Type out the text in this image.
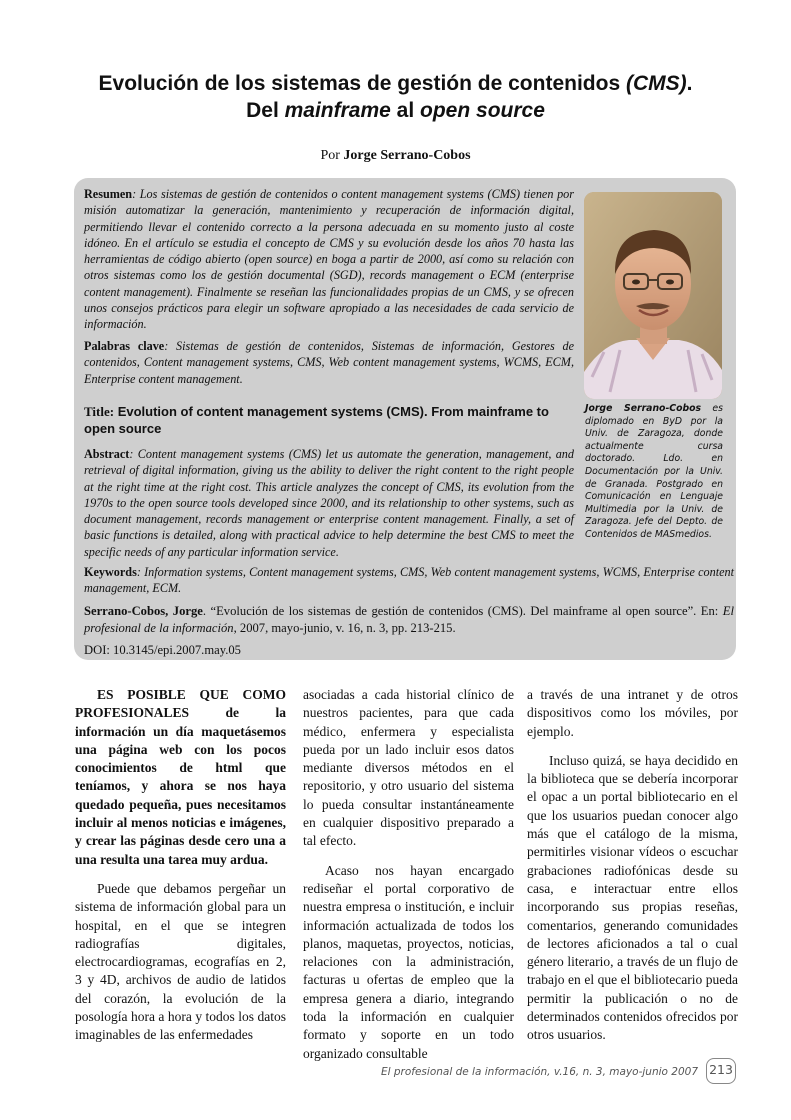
Evolución de los sistemas de gestión de contenidos (CMS).
Del mainframe al open source
Por Jorge Serrano-Cobos
Resumen: Los sistemas de gestión de contenidos o content management systems (CMS) tienen por misión automatizar la generación, mantenimiento y recuperación de información digital, permitiendo llevar el contenido correcto a la persona adecuada en su momento justo al coste idóneo. En el artículo se estudia el concepto de CMS y su evolución desde los años 70 hasta las herramientas de código abierto (open source) en boga a partir de 2000, así como su relación con otros sistemas como los de gestión documental (SGD), records management o ECM (enterprise content management). Finalmente se reseñan las funcionalidades propias de un CMS, y se ofrecen unos consejos prácticos para elegir un software apropiado a las necesidades de cada servicio de información.
Palabras clave: Sistemas de gestión de contenidos, Sistemas de información, Gestores de contenidos, Content management systems, CMS, Web content management systems, WCMS, ECM, Enterprise content management.
Title: Evolution of content management systems (CMS). From mainframe to open source
Abstract: Content management systems (CMS) let us automate the generation, management, and retrieval of digital information, giving us the ability to deliver the right content to the right people at the right time at the right cost. This article analyzes the concept of CMS, its evolution from the 1970s to the open source tools developed since 2000, and its relationship to other systems, such as document management, records management or enterprise content management. Finally, a set of basic functions is detailed, along with practical advice to help determine the best CMS to meet the specific needs of any particular information service.
Keywords: Information systems, Content management systems, CMS, Web content management systems, WCMS, Enterprise content management, ECM.
Serrano-Cobos, Jorge. “Evolución de los sistemas de gestión de contenidos (CMS). Del mainframe al open source”. En: El profesional de la información, 2007, mayo-junio, v. 16, n. 3, pp. 213-215.
DOI: 10.3145/epi.2007.may.05
Jorge Serrano-Cobos es diplomado en ByD por la Univ. de Zaragoza, donde actualmente cursa doctorado. Ldo. en Documentación por la Univ. de Granada. Postgrado en Comunicación en Lenguaje Multimedia por la Univ. de Zaragoza. Jefe del Depto. de Contenidos de MASmedios.

ES POSIBLE QUE COMO PROFESIONALES de la información un día maquetásemos una página web con los pocos conocimientos de html que teníamos, y ahora se nos haya quedado pequeña, pues necesitamos incluir al menos noticias e imágenes, y crear las páginas desde cero una a una resulta una tarea muy ardua.

Puede que debamos pergeñar un sistema de información global para un hospital, en el que se integren radiografías digitales, electrocardiogramas, ecografías en 2, 3 y 4D, archivos de audio de latidos del corazón, la evolución de la posología hora a hora y todos los datos imaginables de las enfermedades

asociadas a cada historial clínico de nuestros pacientes, para que cada médico, enfermera y especialista pueda por un lado incluir esos datos mediante diversos métodos en el repositorio, y otro usuario del sistema lo pueda consultar instantáneamente en cualquier dispositivo preparado a tal efecto.

Acaso nos hayan encargado rediseñar el portal corporativo de nuestra empresa o institución, e incluir información actualizada de todos los planos, maquetas, proyectos, noticias, relaciones con la administración, facturas u ofertas de empleo que la empresa genera a diario, integrando toda la información en cualquier formato y soporte en un todo organizado consultable

a través de una intranet y de otros dispositivos como los móviles, por ejemplo.

Incluso quizá, se haya decidido en la biblioteca que se debería incorporar el opac a un portal bibliotecario en el que los usuarios puedan conocer algo más que el catálogo de la misma, permitirles visionar vídeos o escuchar grabaciones radiofónicas desde su casa, e interactuar entre ellos incorporando sus propias reseñas, comentarios, generando comunidades de lectores aficionados a tal o cual género literario, a través de un flujo de trabajo en el que el bibliotecario pueda permitir la publicación o no de determinados contenidos ofrecidos por otros usuarios.

El profesional de la información, v.16, n. 3, mayo-junio 2007 213
